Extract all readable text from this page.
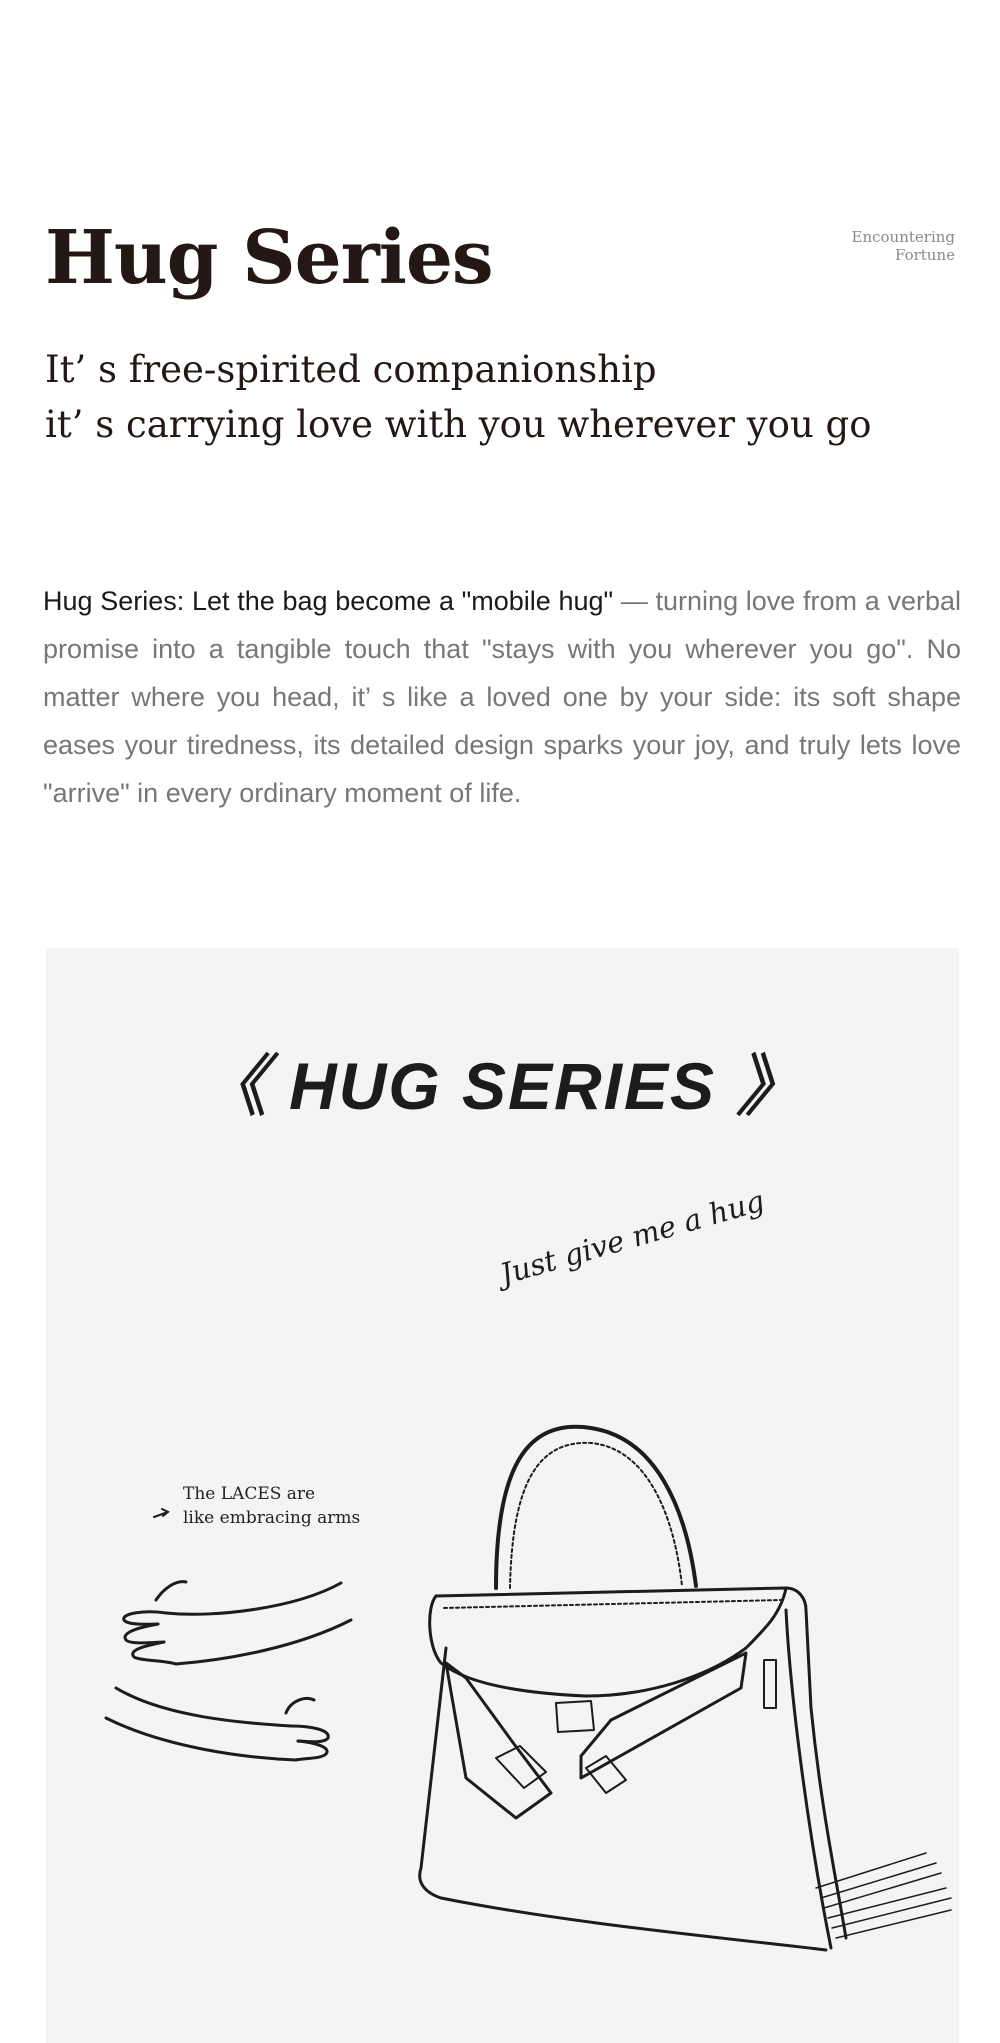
Encountering Fortune
Hug Series

It’ s free-spirited companionship
it’ s carrying love with you wherever you go

Hug Series: Let the bag become a "mobile hug" — turning love from a verbal promise into a tangible touch that "stays with you wherever you go". No matter where you head, it’ s like a loved one by your side: its soft shape eases your tiredness, its detailed design sparks your joy, and truly lets love "arrive" in every ordinary moment of life.

《 HUG SERIES 》
Just give me a hug
The LACES are
like embracing arms
